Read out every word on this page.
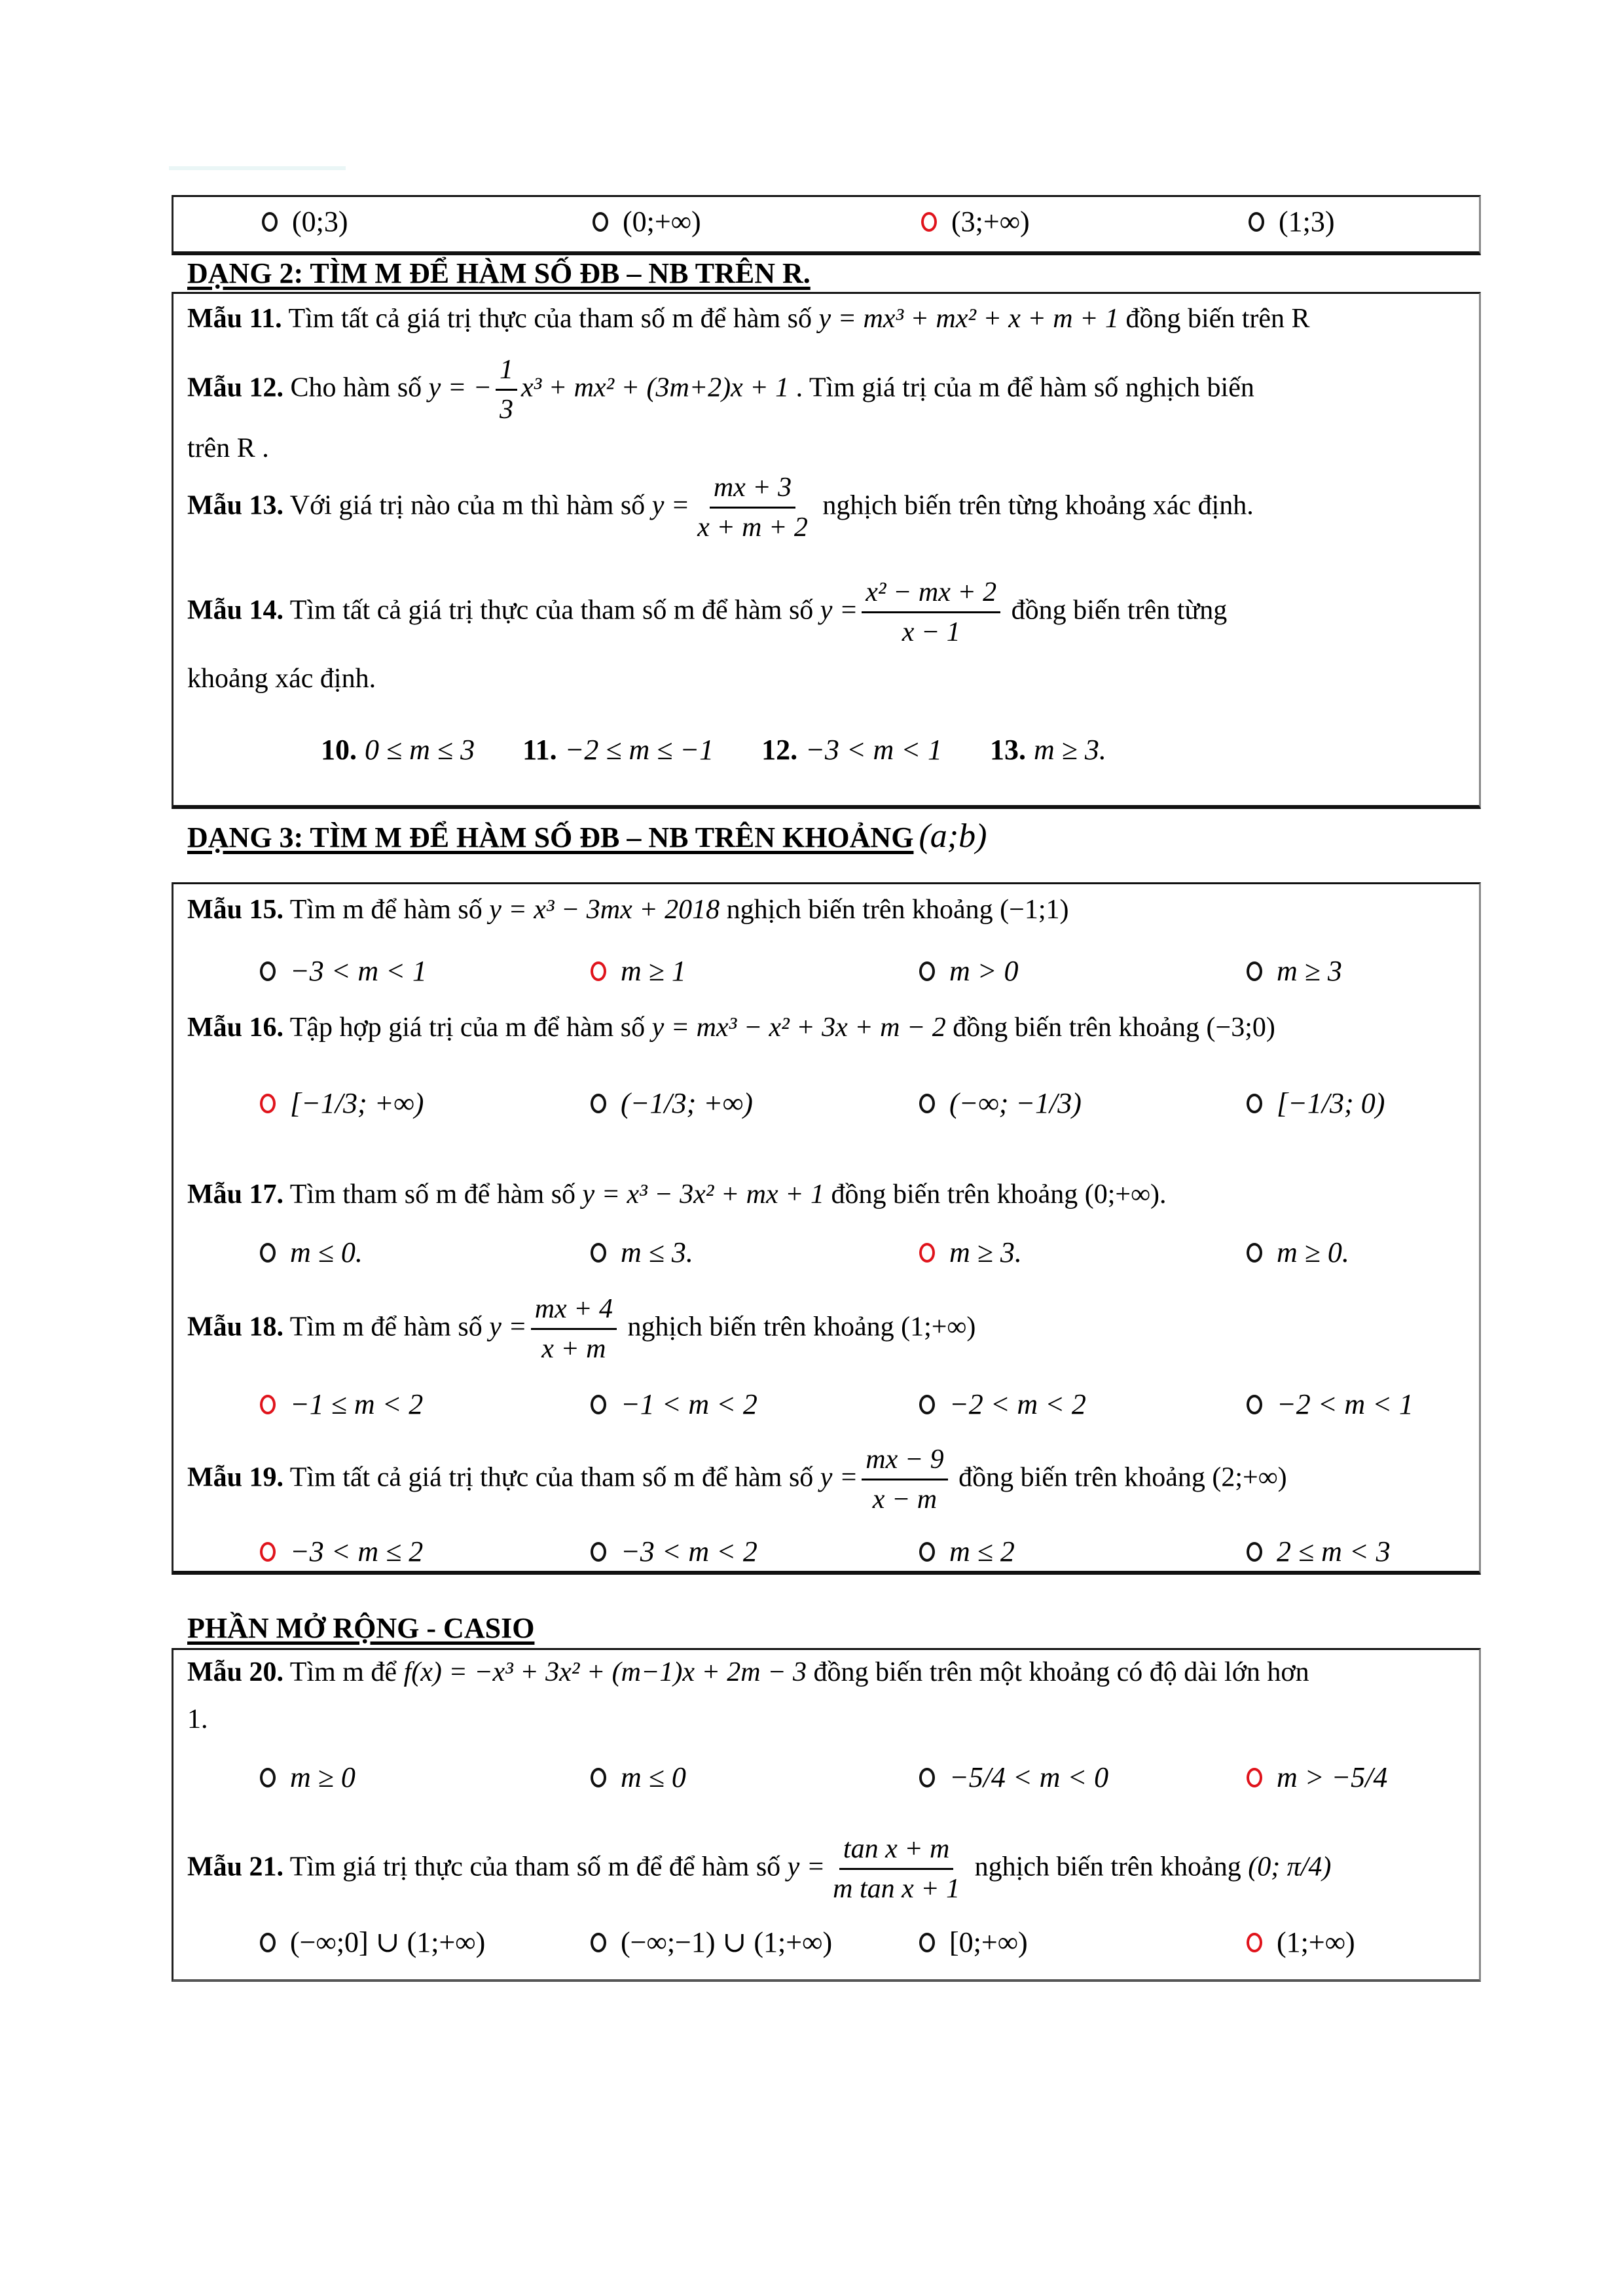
(0;3)	(0;+∞)	(3;+∞)	(1;3)
DẠNG 2: TÌM M ĐỂ HÀM SỐ ĐB – NB TRÊN R.
Mẫu 11. Tìm tất cả giá trị thực của tham số m để hàm số y = mx³ + mx² + x + m + 1 đồng biến trên R
Mẫu 12. Cho hàm số y = − $\frac{1}{3} x^3 + mx^2 + (3m+2)x + 1$ . Tìm giá trị của m để hàm số nghịch biến
trên R .
Mẫu 13. Với giá trị nào của m thì hàm số $y = \frac{mx + 3}{x + m + 2}$ nghịch biến trên từng khoảng xác định.
Mẫu 14. Tìm tất cả giá trị thực của tham số m để hàm số $y = \frac{\text{x² − mx + 2}}{x - 1}$ đồng biến trên từng
khoảng xác định.
10. 0 ≤ m ≤ 3 11. −2 ≤ m ≤ −1 12. −3 < m < 1 13. m ≥ 3.
DẠNG 3: TÌM M ĐỂ HÀM SỐ ĐB – NB TRÊN KHOẢNG (a;b)
Mẫu 15. Tìm m để hàm số y = x³ − 3mx + 2018 nghịch biến trên khoảng (−1;1)
−3 < m < 1	m ≥ 1	m > 0	m ≥ 3
Mẫu 16. Tập hợp giá trị của m để hàm số y = mx³ − x² + 3x + m − 2 đồng biến trên khoảng (−3;0)
[−1/3; +∞)	(−1/3; +∞)	(−∞; −1/3)	[−1/3; 0)
Mẫu 17. Tìm tham số m để hàm số y = x³ − 3x² + mx + 1 đồng biến trên khoảng (0;+∞).
m ≤ 0.	m ≤ 3.	m ≥ 3.	m ≥ 0.
Mẫu 18. Tìm m để hàm số $y = \frac{mx + 4}{x + m}$ nghịch biến trên khoảng (1;+∞)
−1 ≤ m < 2	−1 < m < 2	−2 < m < 2	−2 < m < 1
Mẫu 19. Tìm tất cả giá trị thực của tham số m để hàm số $y = \frac{mx - 9}{x - m}$ đồng biến trên khoảng (2;+∞)
−3 < m ≤ 2	−3 < m < 2	m ≤ 2	2 ≤ m < 3
PHẦN MỞ RỘNG - CASIO
Mẫu 20. Tìm m để f(x) = −x³ + 3x² + (m−1)x + 2m − 3 đồng biến trên một khoảng có độ dài lớn hơn
1.
m ≥ 0	m ≤ 0	−5/4 < m < 0	m > −5/4
Mẫu 21. Tìm giá trị thực của tham số m để để hàm số $y = \frac{\text{tan x + m}}{\text{m tan x + 1}}$ nghịch biến trên khoảng (0; π/4)
(−∞;0] ∪ (1;+∞)	(−∞;−1) ∪ (1;+∞)	[0;+∞)	(1;+∞)
